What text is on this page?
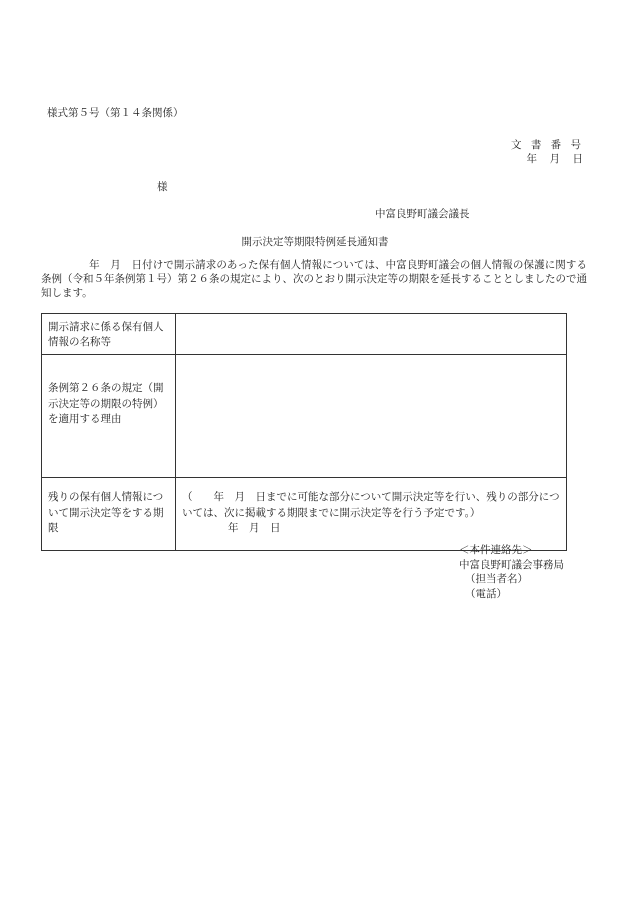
様式第５号（第１４条関係）
文 書 番 号
年　月　日
様
中富良野町議会議長
開示決定等期限特例延長通知書
年　月　日付けで開示請求のあった保有個人情報については、中富良野町議会の個人情報の保護に関する条例（令和５年条例第１号）第２６条の規定により、次のとおり開示決定等の期限を延長することとしましたので通知します。
開示請求に係る保有個人情報の名称等	
条例第２６条の規定（開示決定等の期限の特例）を適用する理由	
残りの保有個人情報について開示決定等をする期限	（　　年　月　日までに可能な部分について開示決定等を行い、残りの部分については、次に掲載する期限までに開示決定等を行う予定です。）
年　月　日
＜本件連絡先＞
中富良野町議会事務局
（担当者名）
（電話）
